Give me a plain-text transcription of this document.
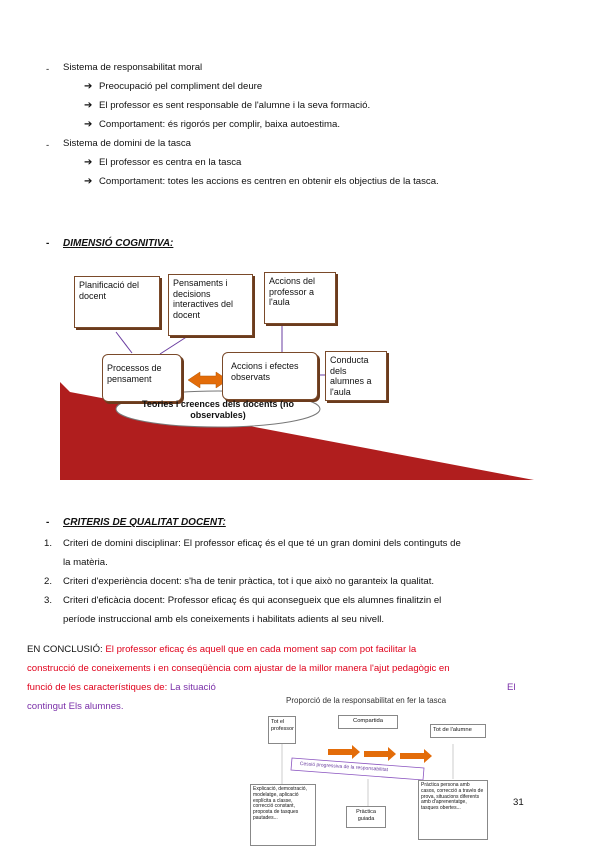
- Sistema de responsabilitat moral
➔ Preocupació pel compliment del deure
➔ El professor es sent responsable de l'alumne i la seva formació.
➔ Comportament: és rigorós per complir, baixa autoestima.
- Sistema de domini de la tasca
➔ El professor es centra en la tasca
➔ Comportament: totes les accions es centren en obtenir els objectius de la tasca.
- DIMENSIÓ COGNITIVA:
Planificació del docent
Pensaments i decisions interactives del docent
Accions del professor a l'aula
Processos de pensament
Accions i efectes observats
Conducta dels alumnes a l'aula
Teories i creences dels docents (no observables)
- CRITERIS DE QUALITAT DOCENT:
1. Criteri de domini disciplinar: El professor eficaç és el que té un gran domini dels continguts de
la matèria.
2. Criteri d'experiència docent: s'ha de tenir pràctica, tot i que això no garanteix la qualitat.
3. Criteri d'eficàcia docent: Professor eficaç és qui aconsegueix que els alumnes finalitzin el
període instruccional amb els coneixements i habilitats adients al seu nivell.
EN CONCLUSIÓ: El professor eficaç és aquell que en cada moment sap com pot facilitar la
construcció de coneixements i en conseqüència com ajustar de la millor manera l'ajut pedagògic en
funció de les característiques de: La situació	El
contingut Els alumnes.
Proporció de la responsabilitat en fer la tasca
Tot el professor
Compartida
Tot de l'alumne
Cessió progressiva de la responsabilitat
Explicació, demostració, modelatge, aplicació explícita a classe, correcció constant, proposta de tasques pautades...
Pràctica guiada
Pràctica persona amb casos, correcció a través de prova, situacions diferents amb d'aprenentatge, tasques obertes...
31
